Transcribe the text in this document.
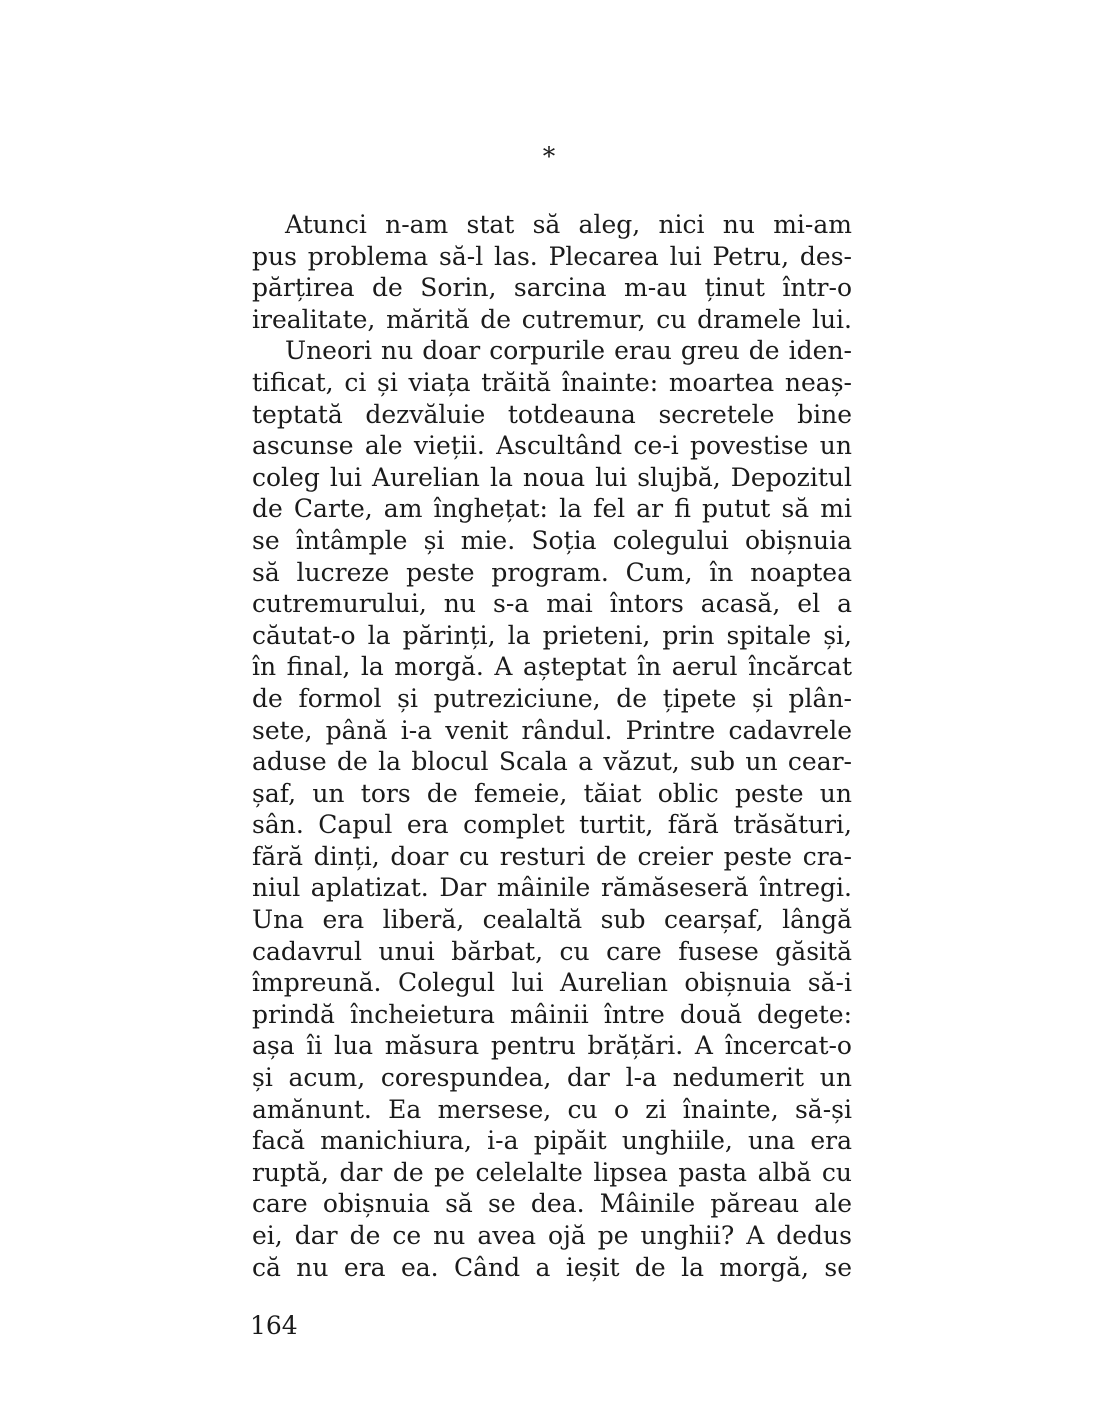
*
Atunci n-am stat să aleg, nici nu mi-am
pus problema să-l las. Plecarea lui Petru, des-
părțirea de Sorin, sarcina m-au ținut într-o
irealitate, mărită de cutremur, cu dramele lui.
Uneori nu doar corpurile erau greu de iden-
tificat, ci și viața trăită înainte: moartea neaș-
teptată dezvăluie totdeauna secretele bine
ascunse ale vieții. Ascultând ce-i povestise un
coleg lui Aurelian la noua lui slujbă, Depozitul
de Carte, am înghețat: la fel ar fi putut să mi
se întâmple și mie. Soția colegului obișnuia
să lucreze peste program. Cum, în noaptea
cutremurului, nu s-a mai întors acasă, el a
căutat-o la părinți, la prieteni, prin spitale și,
în final, la morgă. A așteptat în aerul încărcat
de formol și putreziciune, de țipete și plân-
sete, până i-a venit rândul. Printre cadavrele
aduse de la blocul Scala a văzut, sub un cear-
șaf, un tors de femeie, tăiat oblic peste un
sân. Capul era complet turtit, fără trăsături,
fără dinți, doar cu resturi de creier peste cra-
niul aplatizat. Dar mâinile rămăseseră întregi.
Una era liberă, cealaltă sub cearșaf, lângă
cadavrul unui bărbat, cu care fusese găsită
împreună. Colegul lui Aurelian obișnuia să-i
prindă încheietura mâinii între două degete:
așa îi lua măsura pentru brățări. A încercat-o
și acum, corespundea, dar l-a nedumerit un
amănunt. Ea mersese, cu o zi înainte, să-și
facă manichiura, i-a pipăit unghiile, una era
ruptă, dar de pe celelalte lipsea pasta albă cu
care obișnuia să se dea. Mâinile păreau ale
ei, dar de ce nu avea ojă pe unghii? A dedus
că nu era ea. Când a ieșit de la morgă, se
164
